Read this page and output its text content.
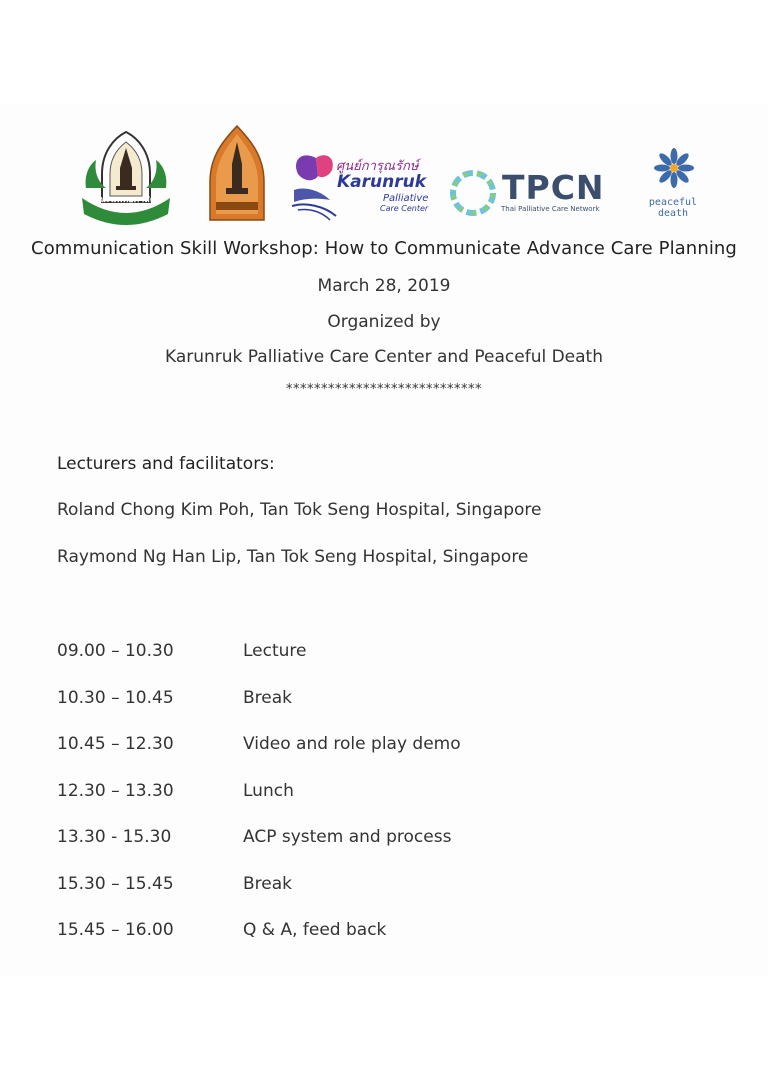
คณะแพทยศาสตร์
ศูนย์การุณรักษ์
Karunruk
Palliative
Care Center
TPCN
Thai Palliative Care Network
peaceful
death
Communication Skill Workshop: How to Communicate Advance Care Planning
March 28, 2019
Organized by
Karunruk Palliative Care Center and Peaceful Death
****************************
Lecturers and facilitators:
Roland Chong Kim Poh, Tan Tok Seng Hospital, Singapore
Raymond Ng Han Lip, Tan Tok Seng Hospital, Singapore
09.00 – 10.30	Lecture
10.30 – 10.45	Break
10.45 – 12.30	Video and role play demo
12.30 – 13.30	Lunch
13.30 - 15.30	ACP system and process
15.30 – 15.45	Break
15.45 – 16.00	Q & A, feed back
